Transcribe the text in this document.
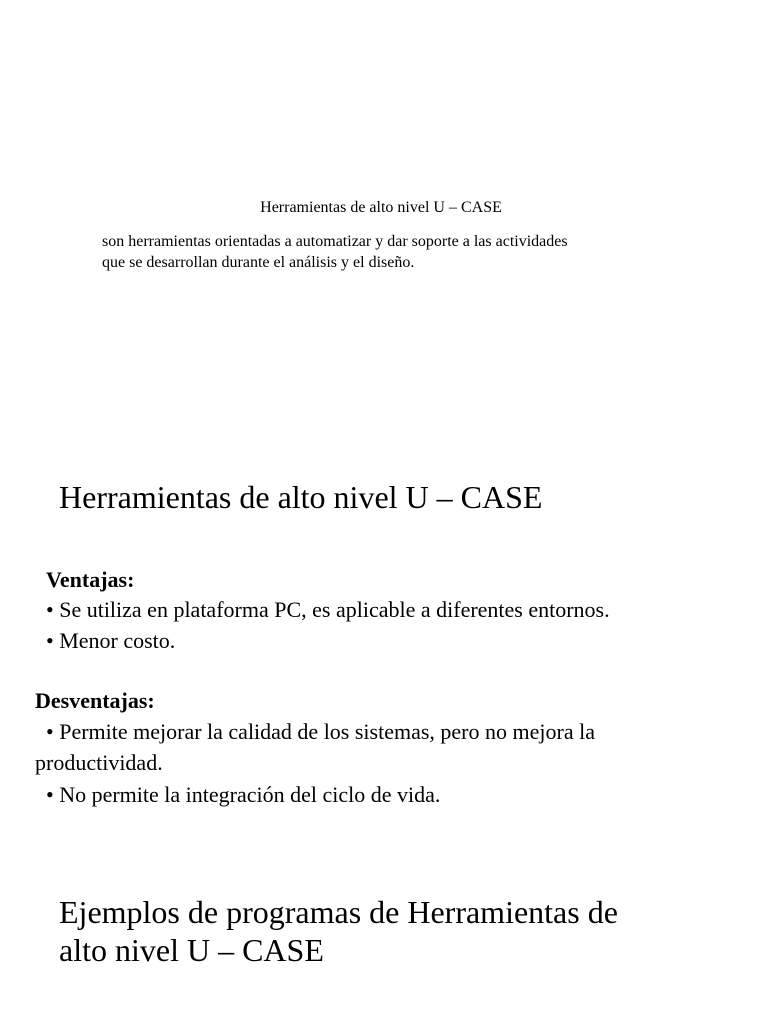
Herramientas de alto nivel U – CASE
son herramientas orientadas a automatizar y dar soporte a las actividades
que se desarrollan durante el análisis y el diseño.
Herramientas de alto nivel U – CASE
Ventajas:
• Se utiliza en plataforma PC, es aplicable a diferentes entornos.
• Menor costo.
Desventajas:
• Permite mejorar la calidad de los sistemas, pero no mejora la
productividad.
• No permite la integración del ciclo de vida.
Ejemplos de programas de Herramientas de
alto nivel U – CASE
